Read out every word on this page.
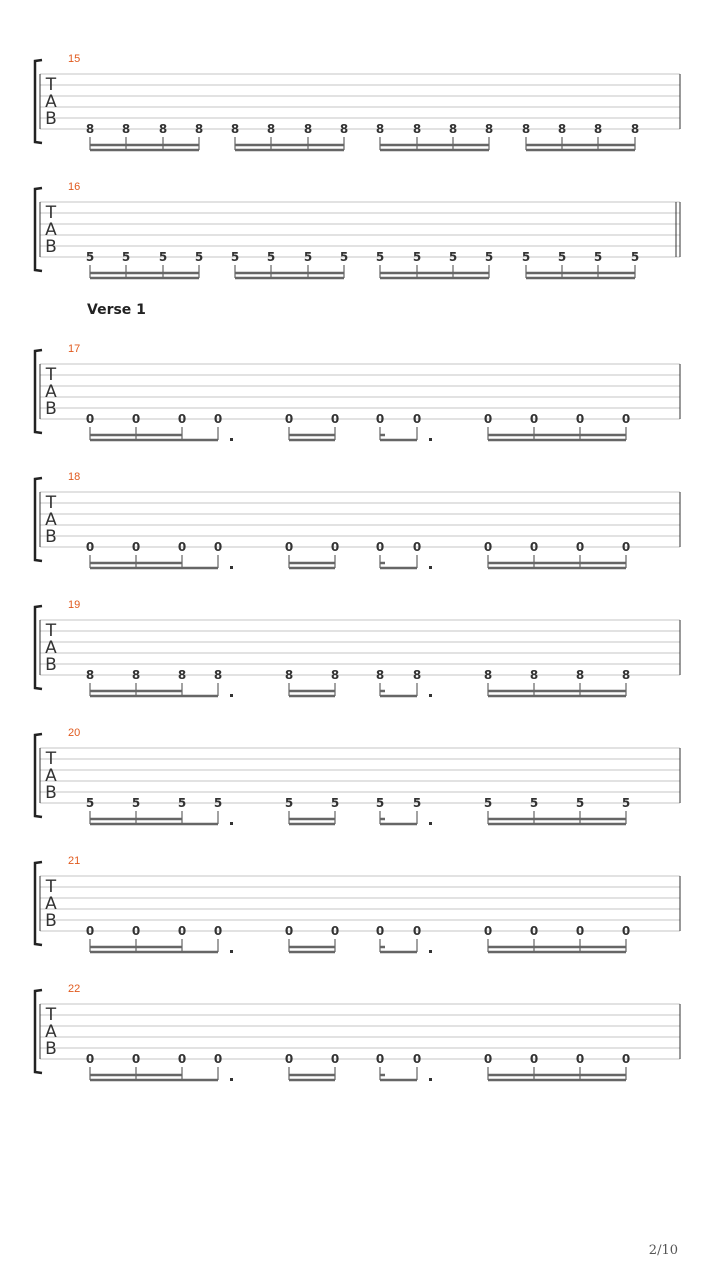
15
T
A
B 8 8 8 8 8 8 8 8 8 8 8 8 8 8 8 8
16
T
A
B 5 5 5 5 5 5 5 5 5 5 5 5 5 5 5 5
Verse 1
17
T
A
B 0	0	0 0	0	0	0 0	0	0	0	0
18
T
A
B 0	0	0 0	0	0	0 0	0	0	0	0
19
T
A
B 8	8	8 8	8	8	8 8	8	8	8	8
20
T
A
B 5	5	5 5	5	5	5 5	5	5	5	5
21
T
A
B 0	0	0 0	0	0	0 0	0	0	0	0
22
T
A
B 0	0	0 0	0	0	0 0	0	0	0	0
2/10
